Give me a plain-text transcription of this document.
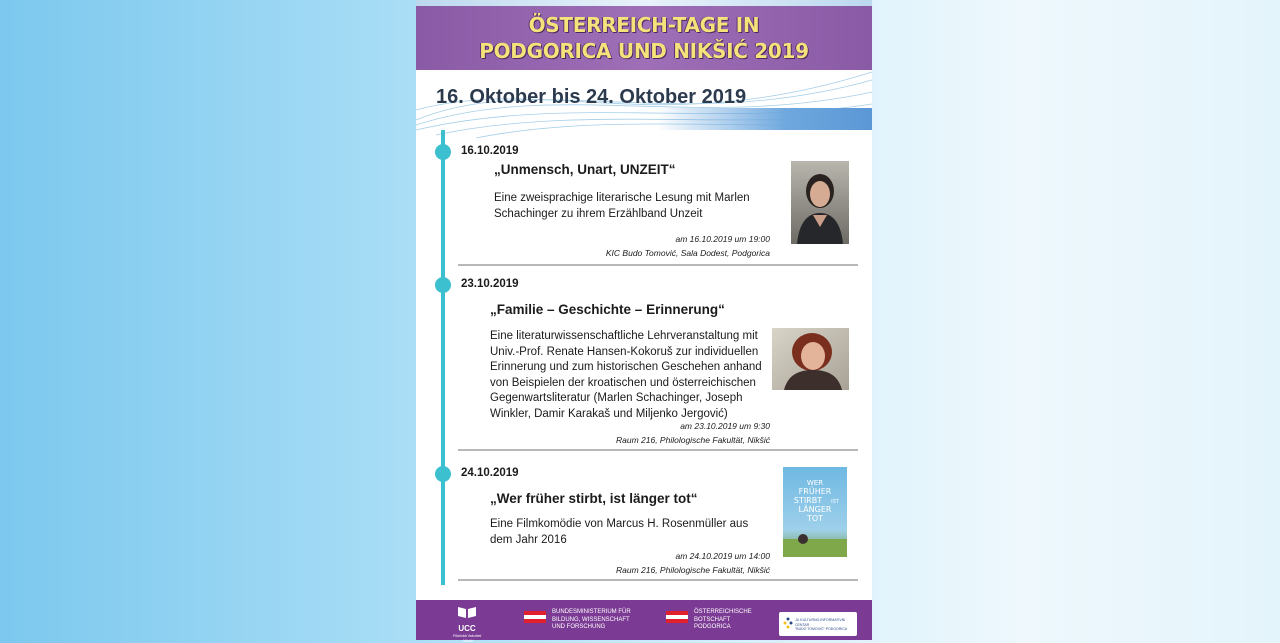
ÖSTERREICH-TAGE IN
PODGORICA UND NIKŠIĆ 2019
16. Oktober bis 24. Oktober 2019
16.10.2019
„Unmensch, Unart, UNZEIT“
Eine zweisprachige literarische Lesung mit Marlen Schachinger zu ihrem Erzählband Unzeit
am 16.10.2019 um 19:00
KIC Budo Tomović, Sala Dodest, Podgorica
23.10.2019
„Familie – Geschichte – Erinnerung“
Eine literaturwissenschaftliche Lehrveranstaltung mit Univ.-Prof. Renate Hansen-Kokoruš zur individuellen Erinnerung und zum historischen Geschehen anhand von Beispielen der kroatischen und österreichischen Gegenwartsliteratur (Marlen Schachinger, Joseph Winkler, Damir Karakaš und Miljenko Jergović)
am 23.10.2019 um 9:30
Raum 216, Philologische Fakultät, Nikšić
24.10.2019
„Wer früher stirbt, ist länger tot“
Eine Filmkomödie von Marcus H. Rosenmüller aus dem Jahr 2016
am 24.10.2019 um 14:00
Raum 216, Philologische Fakultät, Nikšić
WER
FRÜHER
STIRBT IST
LÄNGER
TOT
UCC
Filološki fakultet - Nikšić
BUNDESMINISTERIUM FÜR
BILDUNG, WISSENSCHAFT
UND FORSCHUNG
ÖSTERREICHISCHE
BOTSCHAFT
PODGORICA
JU KULTURNO-INFORMATIVNI CENTAR
"BUDO TOMOVIĆ" PODGORICA
